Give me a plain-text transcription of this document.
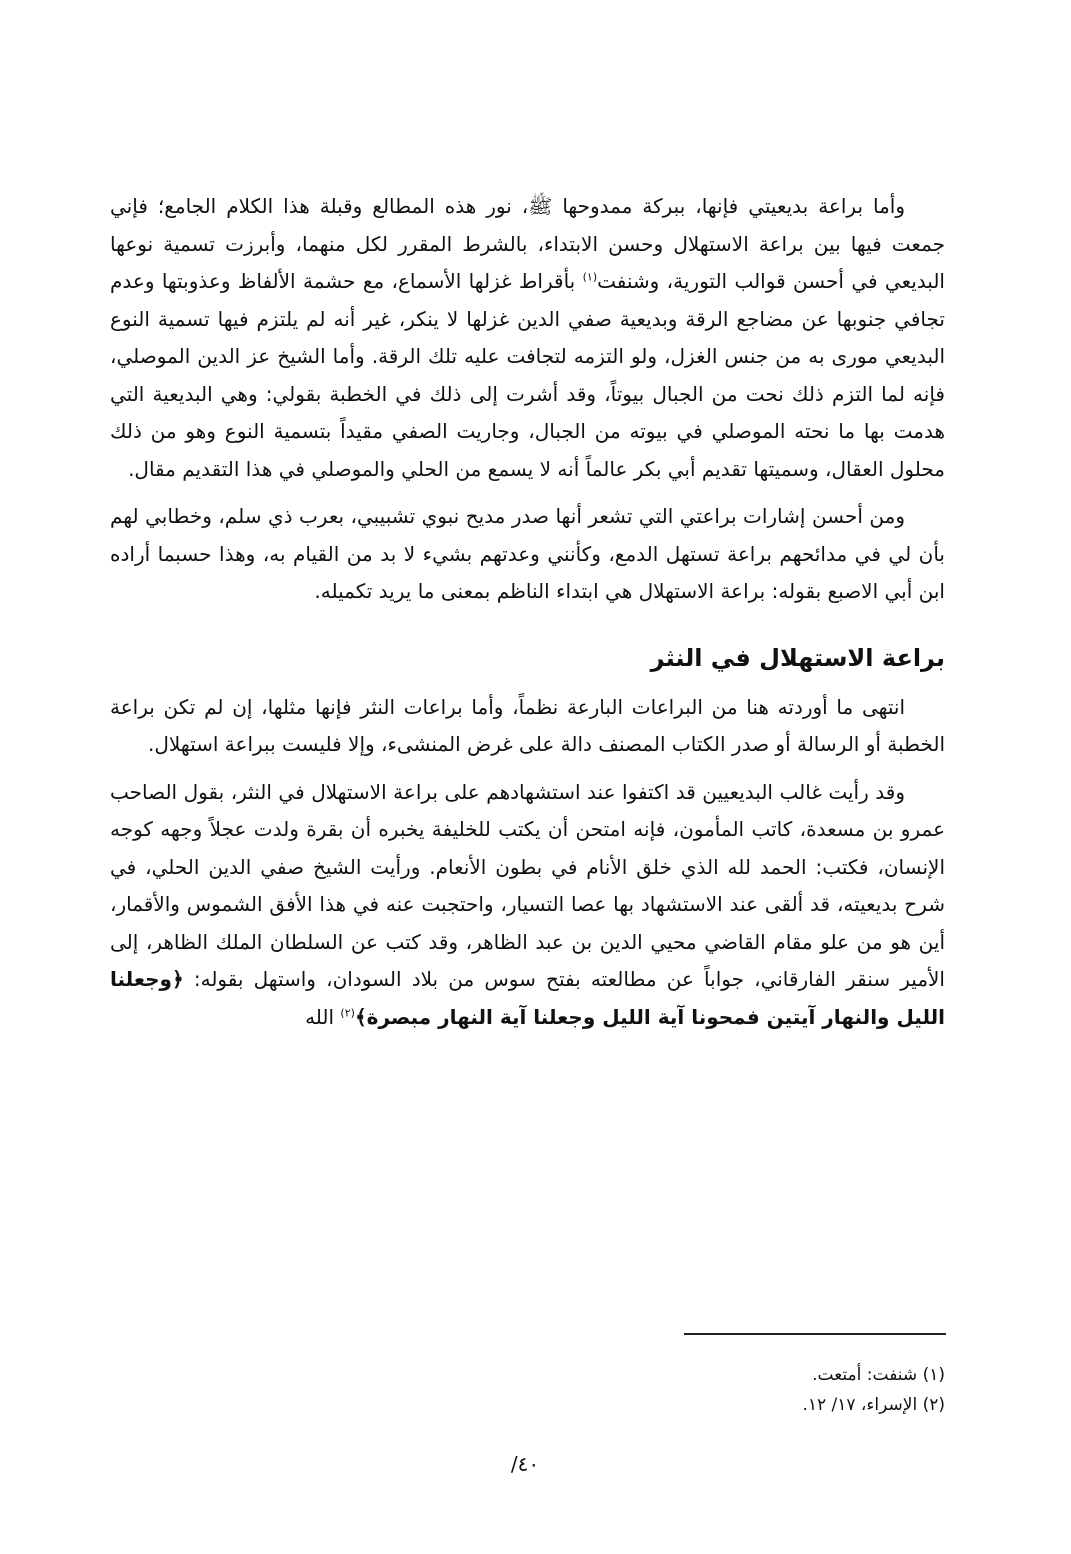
وأما براعة بديعيتي فإنها، ببركة ممدوحها ﷺ، نور هذه المطالع وقبلة هذا الكلام الجامع؛ فإني جمعت فيها بين براعة الاستهلال وحسن الابتداء، بالشرط المقرر لكل منهما، وأبرزت تسمية نوعها البديعي في أحسن قوالب التورية، وشنفت$^{(١)}$ بأقراط غزلها الأسماع، مع حشمة الألفاظ وعذوبتها وعدم تجافي جنوبها عن مضاجع الرقة وبديعية صفي الدين غزلها لا ينكر، غير أنه لم يلتزم فيها تسمية النوع البديعي مورى به من جنس الغزل، ولو التزمه لتجافت عليه تلك الرقة. وأما الشيخ عز الدين الموصلي، فإنه لما التزم ذلك نحت من الجبال بيوتاً، وقد أشرت إلى ذلك في الخطبة بقولي: وهي البديعية التي هدمت بها ما نحته الموصلي في بيوته من الجبال، وجاريت الصفي مقيداً بتسمية النوع وهو من ذلك محلول العقال، وسميتها تقديم أبي بكر عالماً أنه لا يسمع من الحلي والموصلي في هذا التقديم مقال.

ومن أحسن إشارات براعتي التي تشعر أنها صدر مديح نبوي تشبيبي، بعرب ذي سلم، وخطابي لهم بأن لي في مدائحهم براعة تستهل الدمع، وكأنني وعدتهم بشيء لا بد من القيام به، وهذا حسبما أراده ابن أبي الاصبع بقوله: براعة الاستهلال هي ابتداء الناظم بمعنى ما يريد تكميله.

براعة الاستهلال في النثر

انتهى ما أوردته هنا من البراعات البارعة نظماً، وأما براعات النثر فإنها مثلها، إن لم تكن براعة الخطبة أو الرسالة أو صدر الكتاب المصنف دالة على غرض المنشىء، وإلا فليست ببراعة استهلال.

وقد رأيت غالب البديعيين قد اكتفوا عند استشهادهم على براعة الاستهلال في النثر، بقول الصاحب عمرو بن مسعدة، كاتب المأمون، فإنه امتحن أن يكتب للخليفة يخبره أن بقرة ولدت عجلاً وجهه كوجه الإنسان، فكتب: الحمد لله الذي خلق الأنام في بطون الأنعام. ورأيت الشيخ صفي الدين الحلي، في شرح بديعيته، قد ألقى عند الاستشهاد بها عصا التسيار، واحتجبت عنه في هذا الأفق الشموس والأقمار، أين هو من علو مقام القاضي محيي الدين بن عبد الظاهر، وقد كتب عن السلطان الملك الظاهر، إلى الأمير سنقر الفارقاني، جواباً عن مطالعته بفتح سوس من بلاد السودان، واستهل بقوله: ﴿وجعلنا الليل والنهار آيتين فمحونا آية الليل وجعلنا آية النهار مبصرة﴾$^{(٢)}$ الله

(١) شنفت: أمتعت.

(٢) الإسراء، ١٧/ ١٢.

٤٠/
